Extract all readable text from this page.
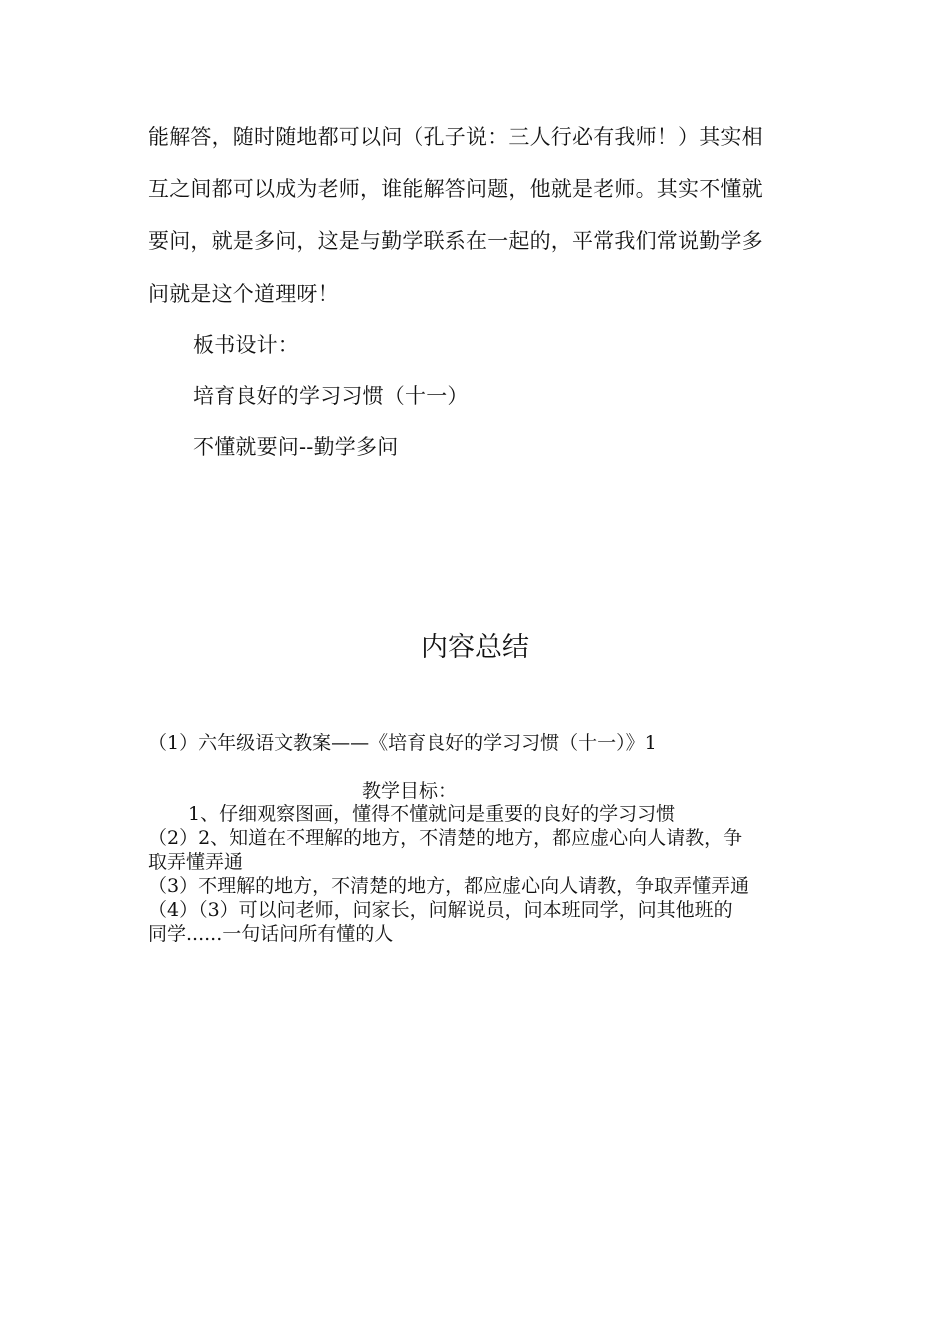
能解答，随时随地都可以问（孔子说：三人行必有我师！）其实相
互之间都可以成为老师，谁能解答问题，他就是老师。其实不懂就
要问，就是多问，这是与勤学联系在一起的，平常我们常说勤学多
问就是这个道理呀！
板书设计：
培育良好的学习习惯（十一）
不懂就要问--勤学多问
内容总结
（1）六年级语文教案——《培育良好的学习习惯（十一）》1
教学目标：
1、仔细观察图画，懂得不懂就问是重要的良好的学习习惯
（2）2、知道在不理解的地方，不清楚的地方，都应虚心向人请教，争
取弄懂弄通
（3）不理解的地方，不清楚的地方，都应虚心向人请教，争取弄懂弄通
（4）（3）可以问老师，问家长，问解说员，问本班同学，问其他班的
同学......一句话问所有懂的人
